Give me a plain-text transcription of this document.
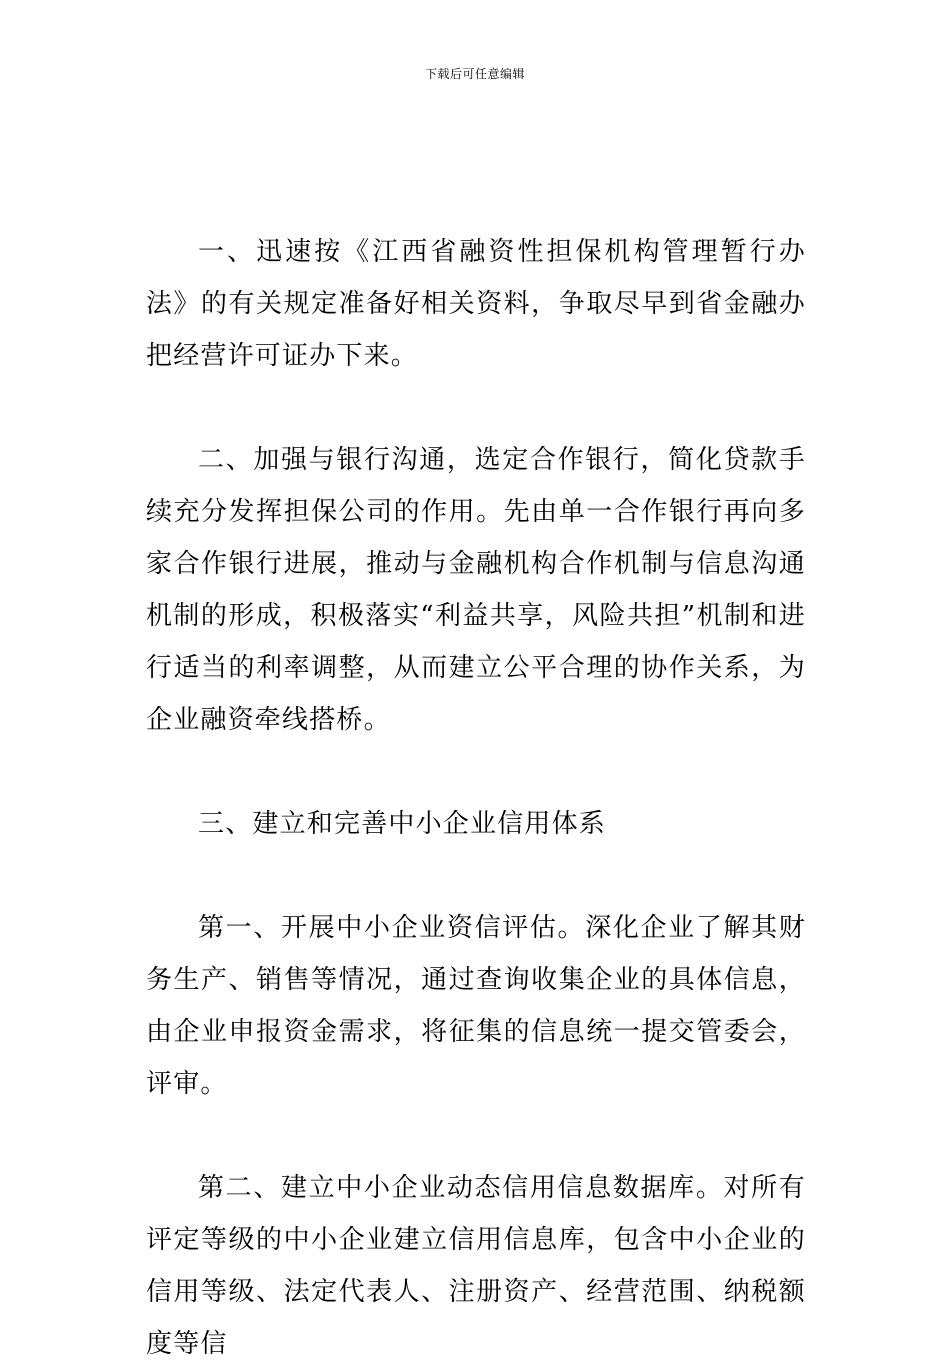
下载后可任意编辑

一、迅速按《江西省融资性担保机构管理暂行办法》的有关规定准备好相关资料，争取尽早到省金融办把经营许可证办下来。

二、加强与银行沟通，选定合作银行，简化贷款手续充分发挥担保公司的作用。先由单一合作银行再向多家合作银行进展，推动与金融机构合作机制与信息沟通机制的形成，积极落实“利益共享，风险共担”机制和进行适当的利率调整，从而建立公平合理的协作关系，为企业融资牵线搭桥。

三、建立和完善中小企业信用体系

第一、开展中小企业资信评估。深化企业了解其财务生产、销售等情况，通过查询收集企业的具体信息，由企业申报资金需求，将征集的信息统一提交管委会，评审。

第二、建立中小企业动态信用信息数据库。对所有评定等级的中小企业建立信用信息库，包含中小企业的信用等级、法定代表人、注册资产、经营范围、纳税额度等信
